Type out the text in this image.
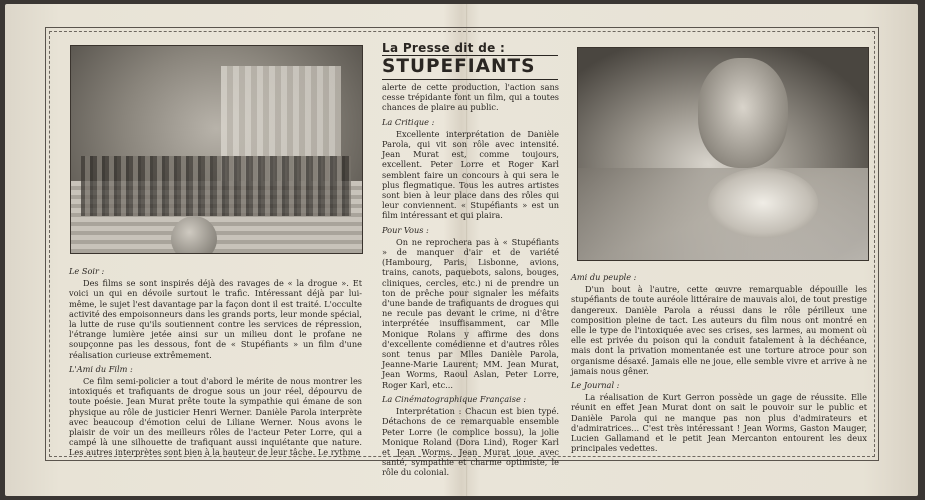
La Presse dit de :
STUPEFIANTS

Le Soir :

Des films se sont inspirés déjà des ravages de « la drogue ». Et voici un qui en dévoile surtout le trafic. Intéressant déjà par lui-même, le sujet l'est davantage par la façon dont il est traité. L'occulte activité des empoisonneurs dans les grands ports, leur monde spécial, la lutte de ruse qu'ils soutiennent contre les services de répression, l'étrange lumière jetée ainsi sur un milieu dont le profane ne soupçonne pas les dessous, font de « Stupéfiants » un film d'une réalisation curieuse extrêmement.

L'Ami du Film :

Ce film semi-policier a tout d'abord le mérite de nous montrer les intoxiqués et trafiquants de drogue sous un jour réel, dépourvu de toute poésie. Jean Murat prête toute la sympathie qui émane de son physique au rôle de justicier Henri Werner. Danièle Parola interprète avec beaucoup d'émotion celui de Liliane Werner. Nous avons le plaisir de voir un des meilleurs rôles de l'acteur Peter Lorre, qui a campé là une silhouette de trafiquant aussi inquiétante que nature. Les autres interprètes sont bien à la hauteur de leur tâche. Le rythme

alerte de cette production, l'action sans cesse trépidante font un film, qui a toutes chances de plaire au public.

La Critique :

Excellente interprétation de Danièle Parola, qui vit son rôle avec intensité. Jean Murat est, comme toujours, excellent. Peter Lorre et Roger Karl semblent faire un concours à qui sera le plus flegmatique. Tous les autres artistes sont bien à leur place dans des rôles qui leur conviennent. « Stupéfiants » est un film intéressant et qui plaira.

Pour Vous :

On ne reprochera pas à « Stupéfiants » de manquer d'air et de variété (Hambourg, Paris, Lisbonne, avions, trains, canots, paquebots, salons, bouges, cliniques, cercles, etc.) ni de prendre un ton de prêche pour signaler les méfaits d'une bande de trafiquants de drogues qui ne recule pas devant le crime, ni d'être interprétée insuffisamment, car Mlle Monique Rolans y affirme des dons d'excellente comédienne et d'autres rôles sont tenus par Mlles Danièle Parola, Jeanne-Marie Laurent; MM. Jean Murat, Jean Worms, Raoul Aslan, Peter Lorre, Roger Karl, etc...

La Cinématographique Française :

Interprétation : Chacun est bien typé. Détachons de ce remarquable ensemble Peter Lorre (le complice bossu), la jolie Monique Roland (Dora Lind), Roger Karl et Jean Worms. Jean Murat joue avec santé, sympathie et charme optimiste, le rôle du colonial.

Ami du peuple :

D'un bout à l'autre, cette œuvre remarquable dépouille les stupéfiants de toute auréole littéraire de mauvais aloi, de tout prestige dangereux. Danièle Parola a réussi dans le rôle périlleux une composition pleine de tact. Les auteurs du film nous ont montré en elle le type de l'intoxiquée avec ses crises, ses larmes, au moment où elle est privée du poison qui la conduit fatalement à la déchéance, mais dont la privation momentanée est une torture atroce pour son organisme désaxé. Jamais elle ne joue, elle semble vivre et arrive à ne jamais nous gêner.

Le Journal :

La réalisation de Kurt Gerron possède un gage de réussite. Elle réunit en effet Jean Murat dont on sait le pouvoir sur le public et Danièle Parola qui ne manque pas non plus d'admirateurs et d'admiratrices... C'est très intéressant ! Jean Worms, Gaston Mauger, Lucien Gallamand et le petit Jean Mercanton entourent les deux principales vedettes.
